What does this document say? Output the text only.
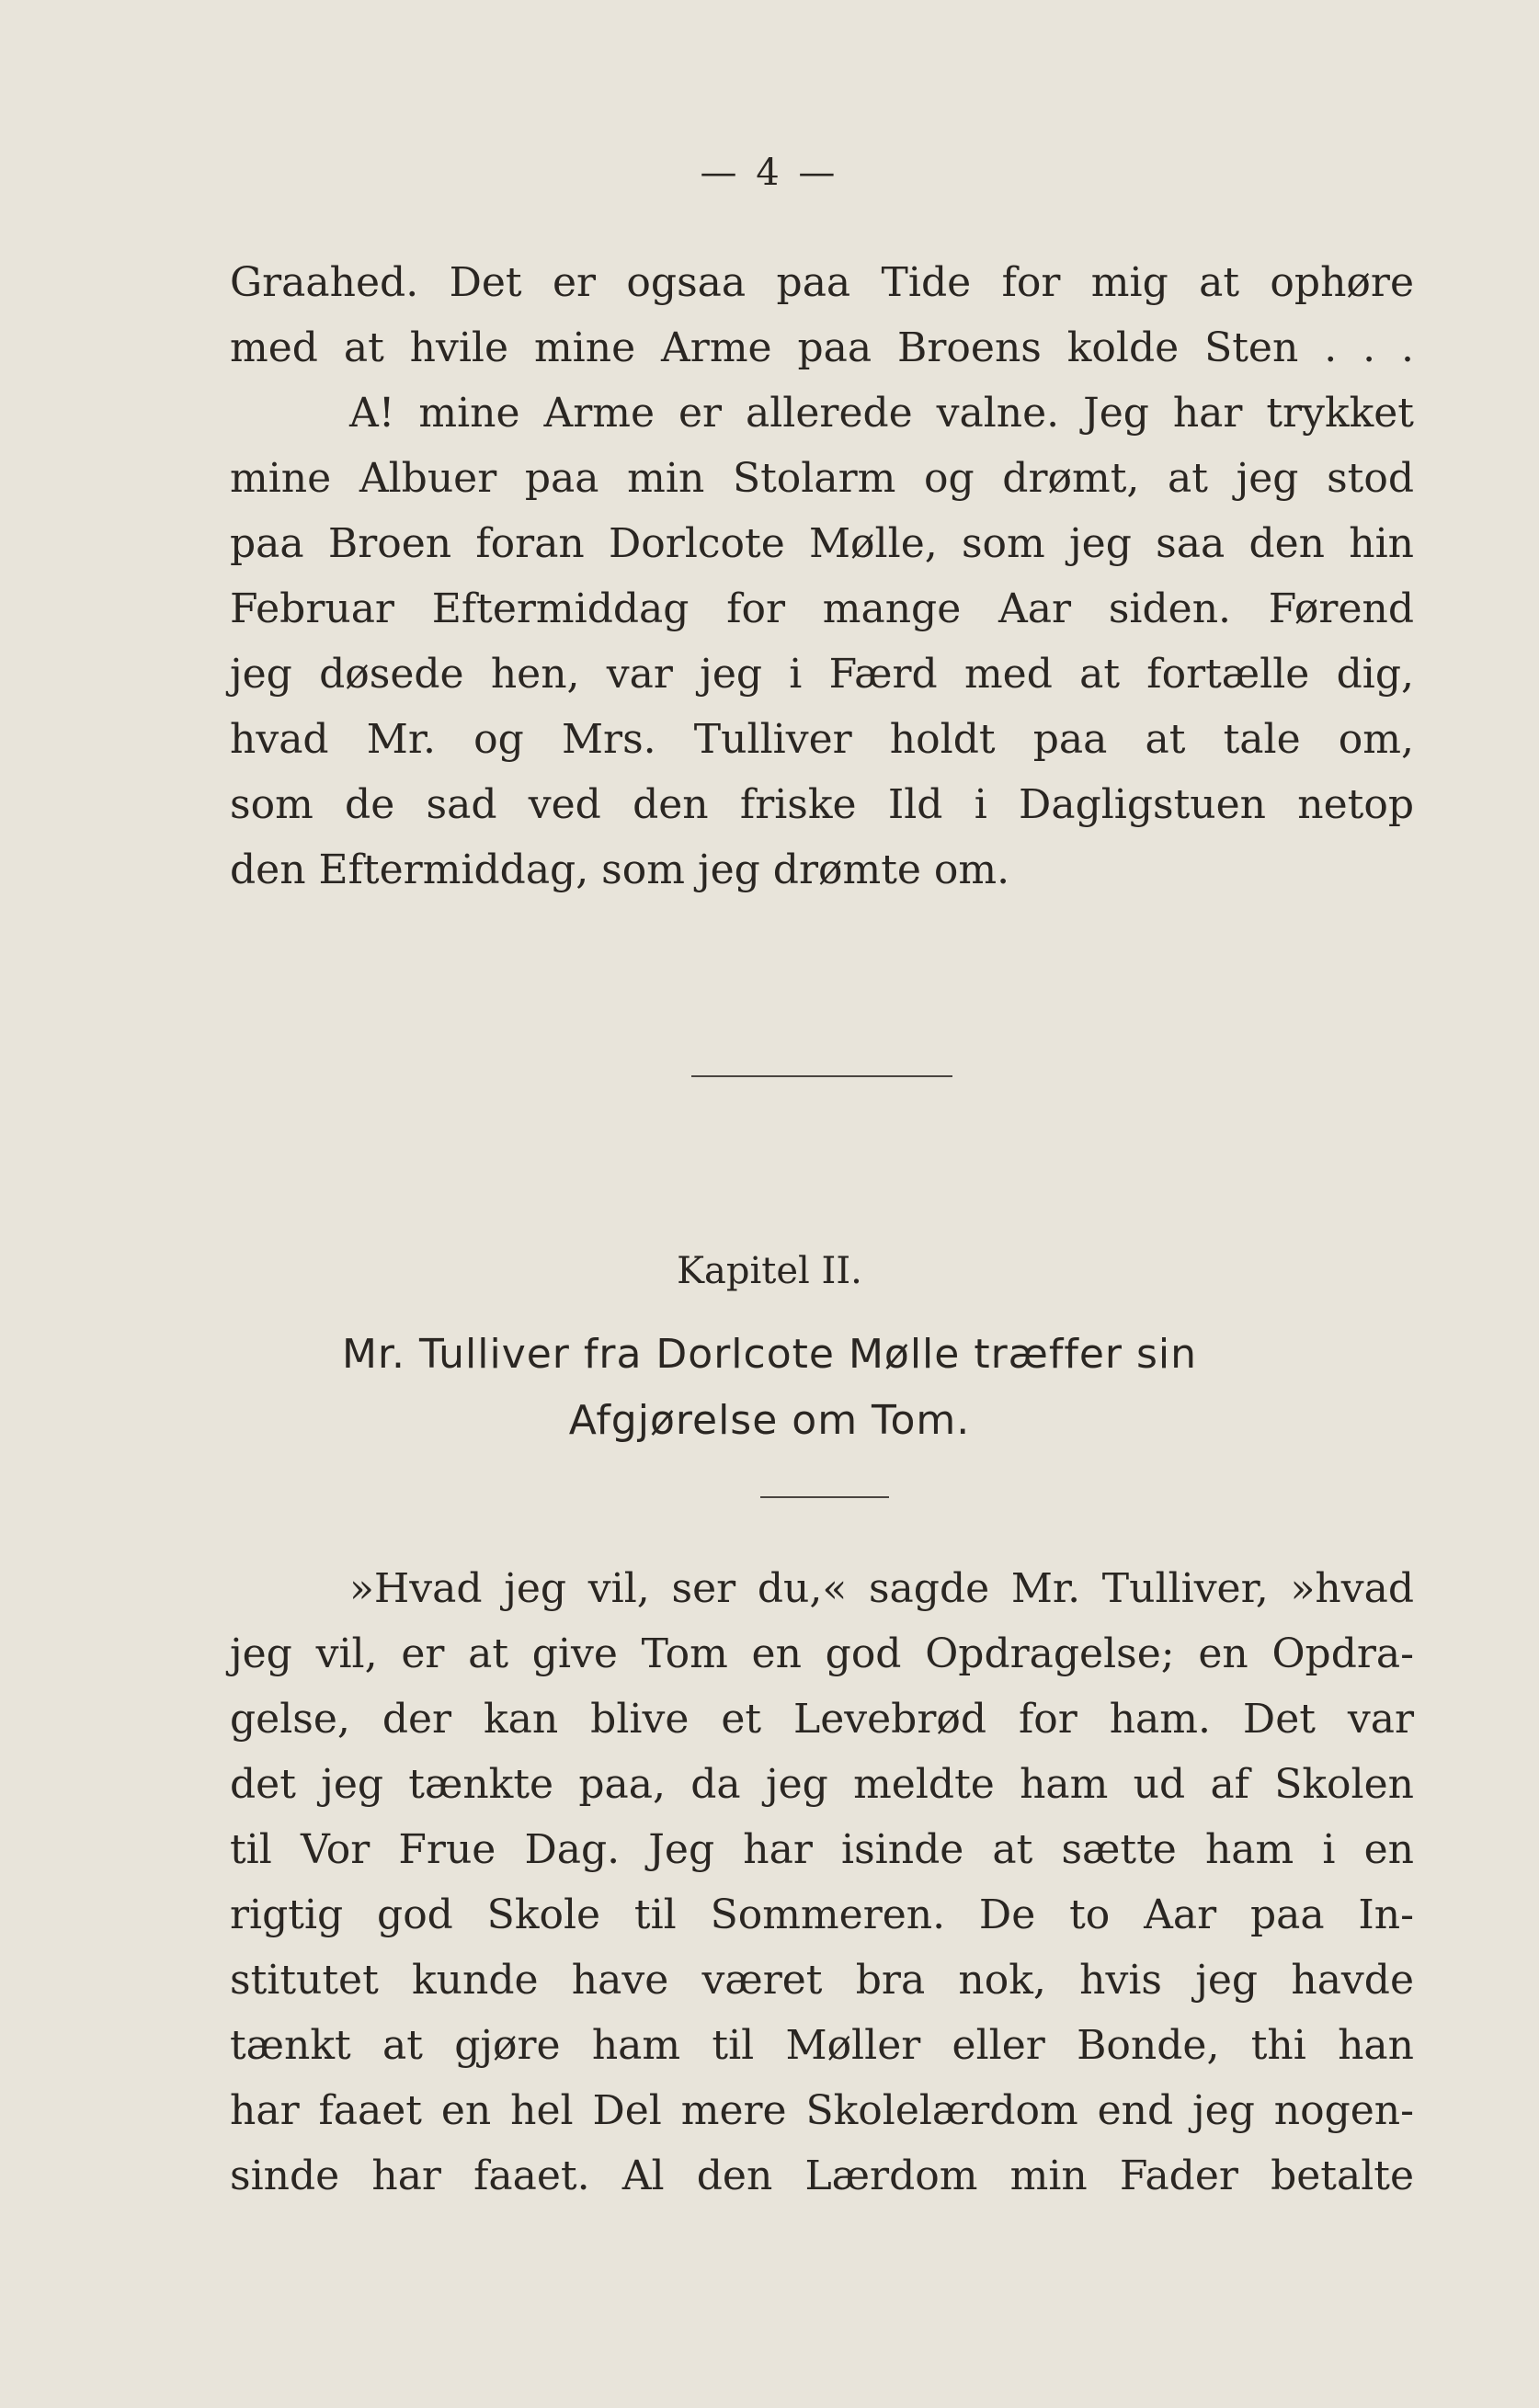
— 4 —
Graahed. Det er ogsaa paa Tide for mig at ophøre
med at hvile mine Arme paa Broens kolde Sten . . .
A! mine Arme er allerede valne. Jeg har trykket
mine Albuer paa min Stolarm og drømt, at jeg stod
paa Broen foran Dorlcote Mølle, som jeg saa den hin
Februar Eftermiddag for mange Aar siden. Førend
jeg døsede hen, var jeg i Færd med at fortælle dig,
hvad Mr. og Mrs. Tulliver holdt paa at tale om,
som de sad ved den friske Ild i Dagligstuen netop
den Eftermiddag, som jeg drømte om.
Kapitel II.
Mr. Tulliver fra Dorlcote Mølle træffer sin
Afgjørelse om Tom.
»Hvad jeg vil, ser du,« sagde Mr. Tulliver, »hvad
jeg vil, er at give Tom en god Opdragelse; en Opdra-
gelse, der kan blive et Levebrød for ham. Det var
det jeg tænkte paa, da jeg meldte ham ud af Skolen
til Vor Frue Dag. Jeg har isinde at sætte ham i en
rigtig god Skole til Sommeren. De to Aar paa In-
stitutet kunde have været bra nok, hvis jeg havde
tænkt at gjøre ham til Møller eller Bonde, thi han
har faaet en hel Del mere Skolelærdom end jeg nogen-
sinde har faaet. Al den Lærdom min Fader betalte
